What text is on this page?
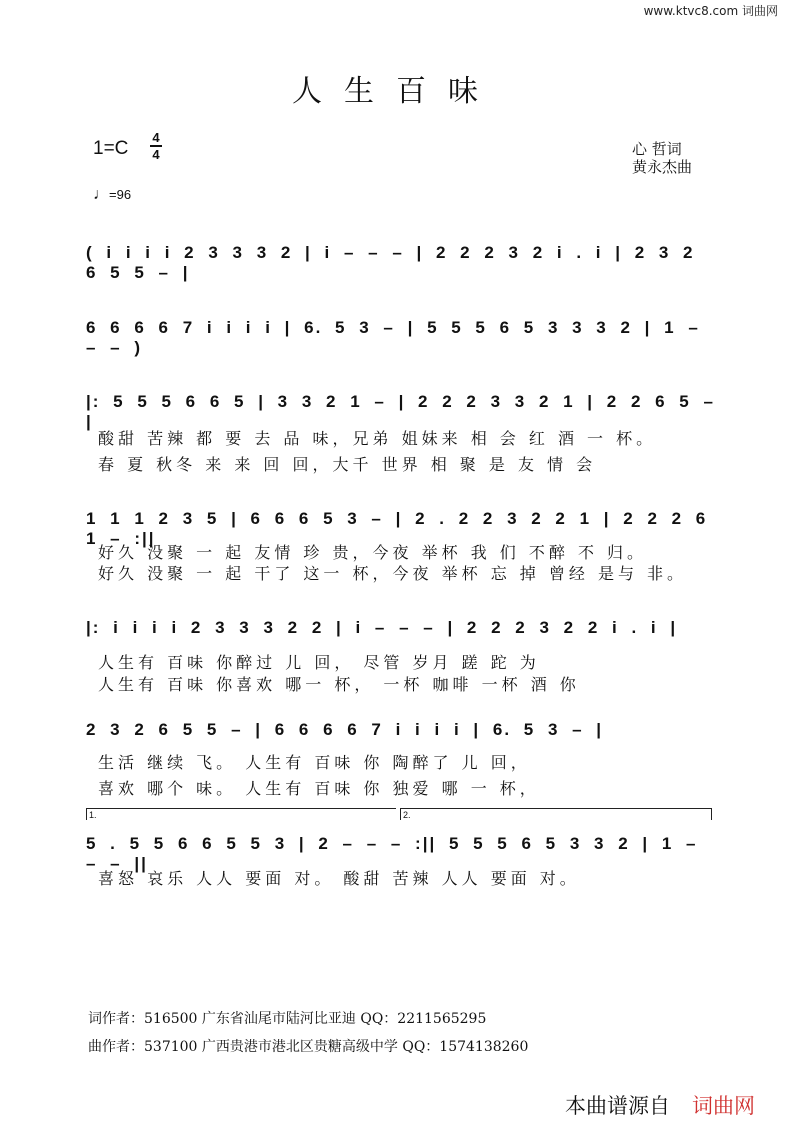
www.ktvc8.com 词曲网
人生百味
1=C
4
4	心 哲词
黄永杰曲
♩=96
( i i i i 2 3 3 3 2 | i – – – | 2 2 2 3 2 i . i | 2 3 2 6 5 5 – |
6 6 6 6 7 i i i i | 6. 5 3 – | 5 5 5 6 5 3 3 3 2 | 1 – – – )
|: 5 5 5 6 6 5 | 3 3 2 1 – | 2 2 2 3 3 2 1 | 2 2 6 5 – |
酸甜 苦辣 都 要 去 品 味，兄弟 姐妹来 相 会 红 酒 一 杯。
春 夏 秋冬 来 来 回 回，大千 世界 相 聚 是 友 情 会
1 1 1 2 3 5 | 6 6 6 5 3 – | 2 . 2 2 3 2 2 1 | 2 2 2 6 1 – :||
好久 没聚 一 起 友情 珍 贵，今夜 举杯 我 们 不醉 不 归。
好久 没聚 一 起 干了 这一 杯，今夜 举杯 忘 掉 曾经 是与 非。
|: i i i i 2 3 3 3 2 2 | i – – – | 2 2 2 3 2 2 i . i |
人生有 百味 你醉过 儿 回， 尽管 岁月 蹉 跎 为
人生有 百味 你喜欢 哪一 杯， 一杯 咖啡 一杯 酒 你
2 3 2 6 5 5 – | 6 6 6 6 7 i i i i | 6. 5 3 – |
生活 继续 飞。 人生有 百味 你 陶醉了 儿 回，
喜欢 哪个 味。 人生有 百味 你 独爱 哪 一 杯，
1.	2.
5 . 5 5 6 6 5 5 3 | 2 – – – :|| 5 5 5 6 5 3 3 2 | 1 – – – ||
喜怒 哀乐 人人 要面 对。 酸甜 苦辣 人人 要面 对。
词作者：516500 广东省汕尾市陆河比亚迪 QQ：2211565295
曲作者：537100 广西贵港市港北区贵糖高级中学 QQ：1574138260
本曲谱源自 词曲网
